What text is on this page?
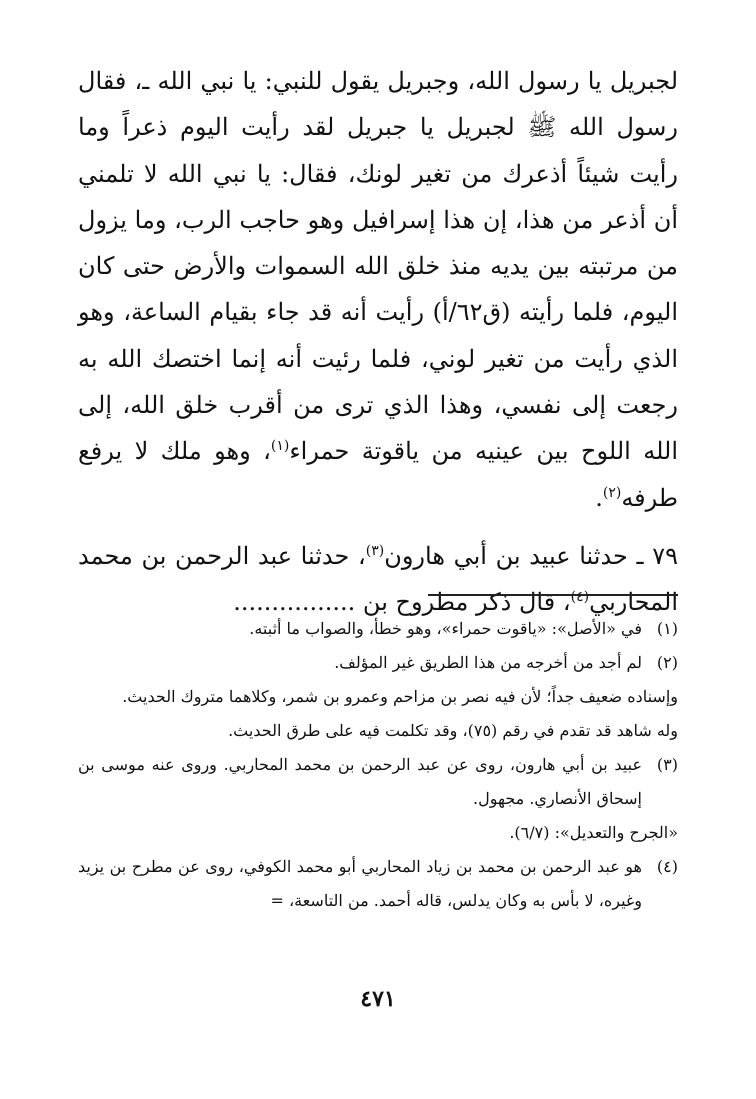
لجبريل يا رسول الله، وجبريل يقول للنبي: يا نبي الله ـ، فقال رسول الله ﷺ لجبريل يا جبريل لقد رأيت اليوم ذعراً وما رأيت شيئاً أذعرك من تغير لونك، فقال: يا نبي الله لا تلمني أن أذعر من هذا، إن هذا إسرافيل وهو حاجب الرب، وما يزول من مرتبته بين يديه منذ خلق الله السموات والأرض حتى كان اليوم، فلما رأيته (ق٦٢/أ) رأيت أنه قد جاء بقيام الساعة، وهو الذي رأيت من تغير لوني، فلما رئيت أنه إنما اختصك الله به رجعت إلى نفسي، وهذا الذي ترى من أقرب خلق الله، إلى الله اللوح بين عينيه من ياقوتة حمراء$^{(١)}$، وهو ملك لا يرفع طرفه$^{(٢)}$.

٧٩ ـ حدثنا عبيد بن أبي هارون$^{(٣)}$، حدثنا عبد الرحمن بن محمد المحاربي$^{(٤)}$، قال ذكر مطروح بن ................

(١)
في «الأصل»: «ياقوت حمراء»، وهو خطأ، والصواب ما أثبته.
(٢)
لم أجد من أخرجه من هذا الطريق غير المؤلف.
وإسناده ضعيف جداً؛ لأن فيه نصر بن مزاحم وعمرو بن شمر، وكلاهما متروك الحديث.
وله شاهد قد تقدم في رقم (٧٥)، وقد تكلمت فيه على طرق الحديث.
(٣)
عبيد بن أبي هارون، روى عن عبد الرحمن بن محمد المحاربي. وروى عنه موسى بن إسحاق الأنصاري. مجهول.
«الجرح والتعديل»: (٦/٧).
(٤)
هو عبد الرحمن بن محمد بن زياد المحاربي أبو محمد الكوفي، روى عن مطرح بن يزيد وغيره، لا بأس به وكان يدلس، قاله أحمد. من التاسعة، =
٤٧١
